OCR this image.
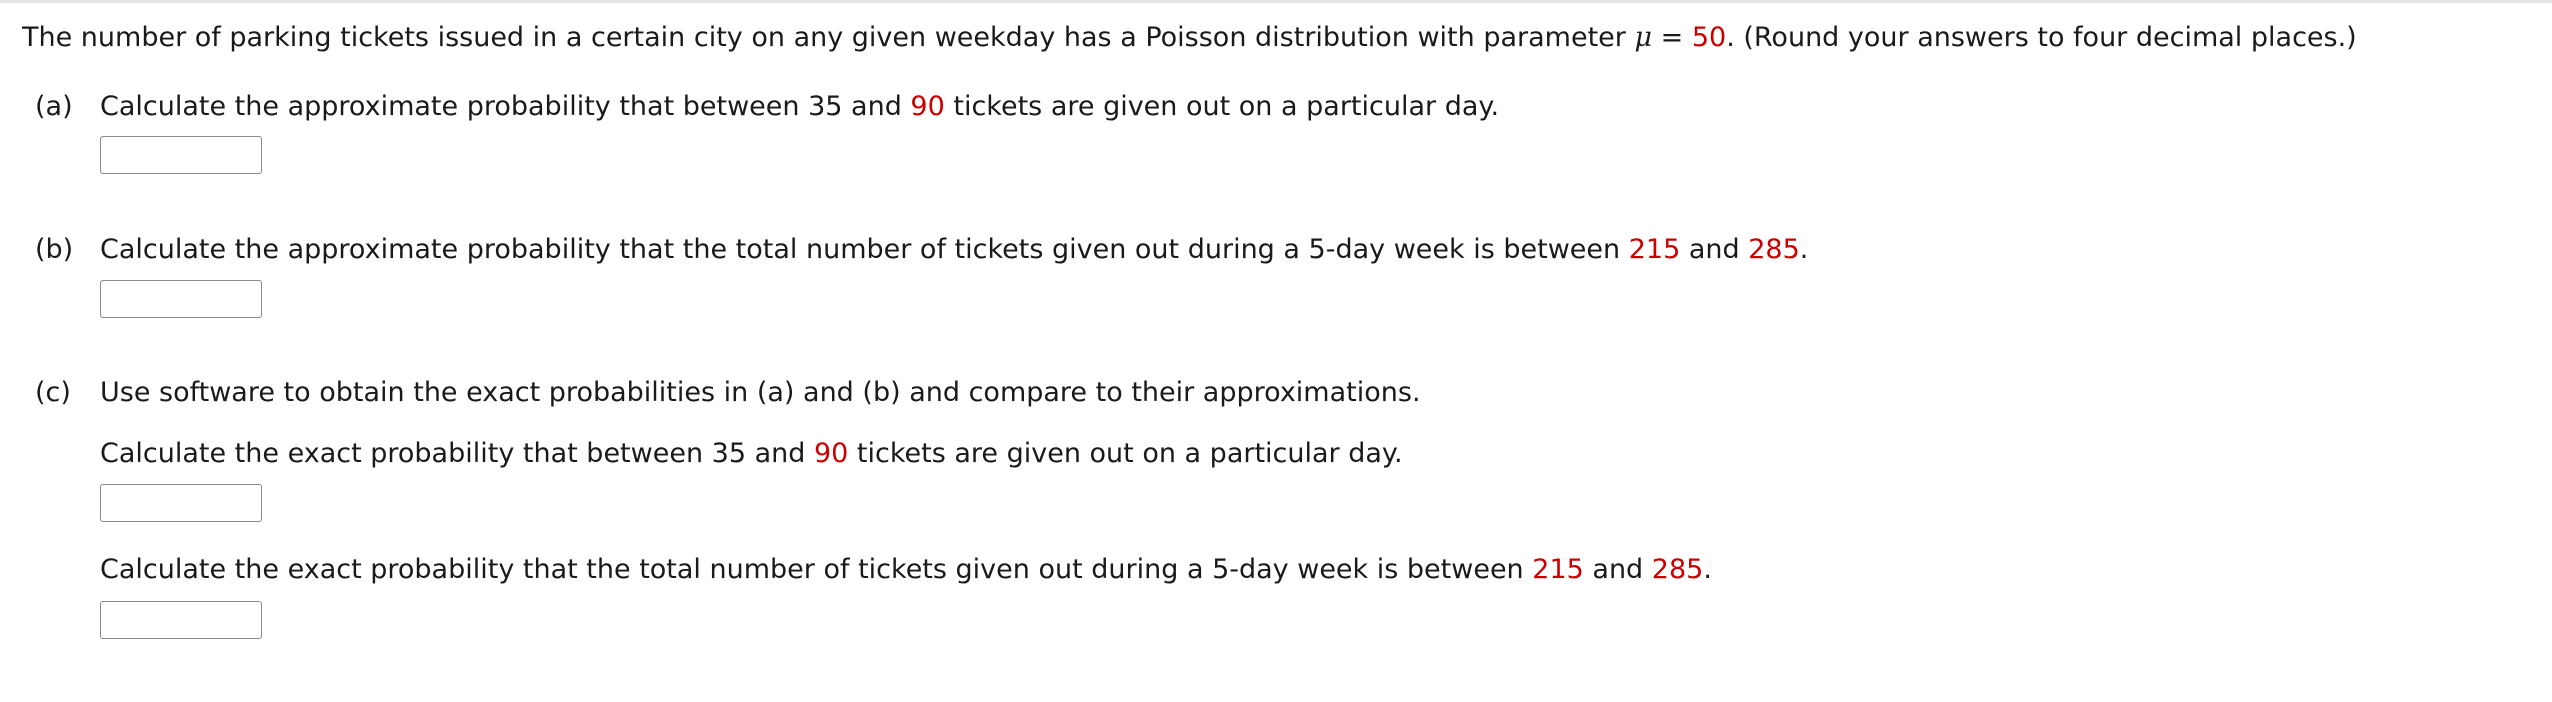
The number of parking tickets issued in a certain city on any given weekday has a Poisson distribution with parameter μ = 50. (Round your answers to four decimal places.)
(a) Calculate the approximate probability that between 35 and 90 tickets are given out on a particular day.
(b) Calculate the approximate probability that the total number of tickets given out during a 5-day week is between 215 and 285.
(c) Use software to obtain the exact probabilities in (a) and (b) and compare to their approximations.
Calculate the exact probability that between 35 and 90 tickets are given out on a particular day.
Calculate the exact probability that the total number of tickets given out during a 5-day week is between 215 and 285.
